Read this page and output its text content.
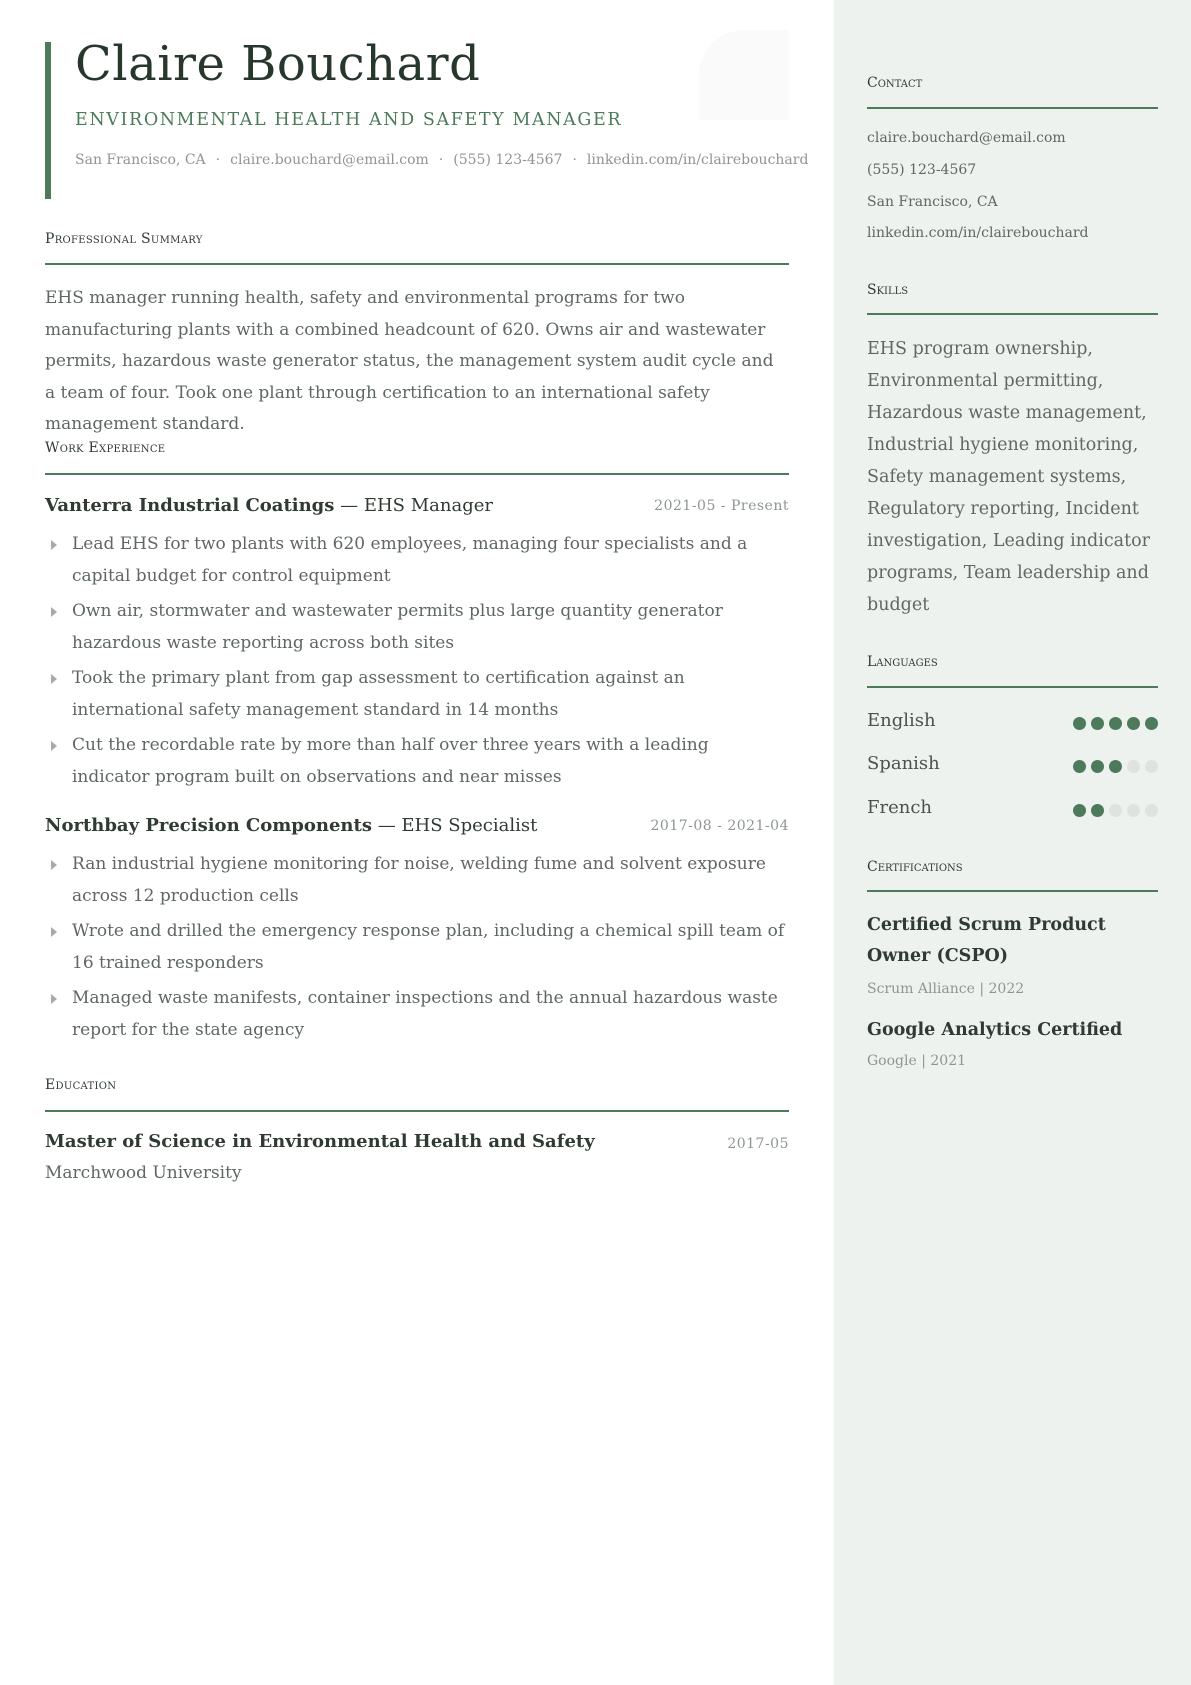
Claire Bouchard
ENVIRONMENTAL HEALTH AND SAFETY MANAGER
San Francisco, CA · claire.bouchard@email.com · (555) 123-4567 · linkedin.com/in/clairebouchard
Professional Summary
EHS manager running health, safety and environmental programs for two manufacturing plants with a combined headcount of 620. Owns air and wastewater permits, hazardous waste generator status, the management system audit cycle and a team of four. Took one plant through certification to an international safety management standard.
Work Experience
Vanterra Industrial Coatings — EHS Manager	2021-05 - Present
Lead EHS for two plants with 620 employees, managing four specialists and a capital budget for control equipment
Own air, stormwater and wastewater permits plus large quantity generator hazardous waste reporting across both sites
Took the primary plant from gap assessment to certification against an international safety management standard in 14 months
Cut the recordable rate by more than half over three years with a leading indicator program built on observations and near misses
Northbay Precision Components — EHS Specialist	2017-08 - 2021-04
Ran industrial hygiene monitoring for noise, welding fume and solvent exposure across 12 production cells
Wrote and drilled the emergency response plan, including a chemical spill team of 16 trained responders
Managed waste manifests, container inspections and the annual hazardous waste report for the state agency
Education
Master of Science in Environmental Health and Safety	2017-05
Marchwood University
Contact
claire.bouchard@email.com
(555) 123-4567
San Francisco, CA
linkedin.com/in/clairebouchard
Skills
EHS program ownership, Environmental permitting, Hazardous waste management, Industrial hygiene monitoring, Safety management systems, Regulatory reporting, Incident investigation, Leading indicator programs, Team leadership and budget
Languages
English
Spanish
French
Certifications
Certified Scrum Product Owner (CSPO)
Scrum Alliance | 2022
Google Analytics Certified
Google | 2021
